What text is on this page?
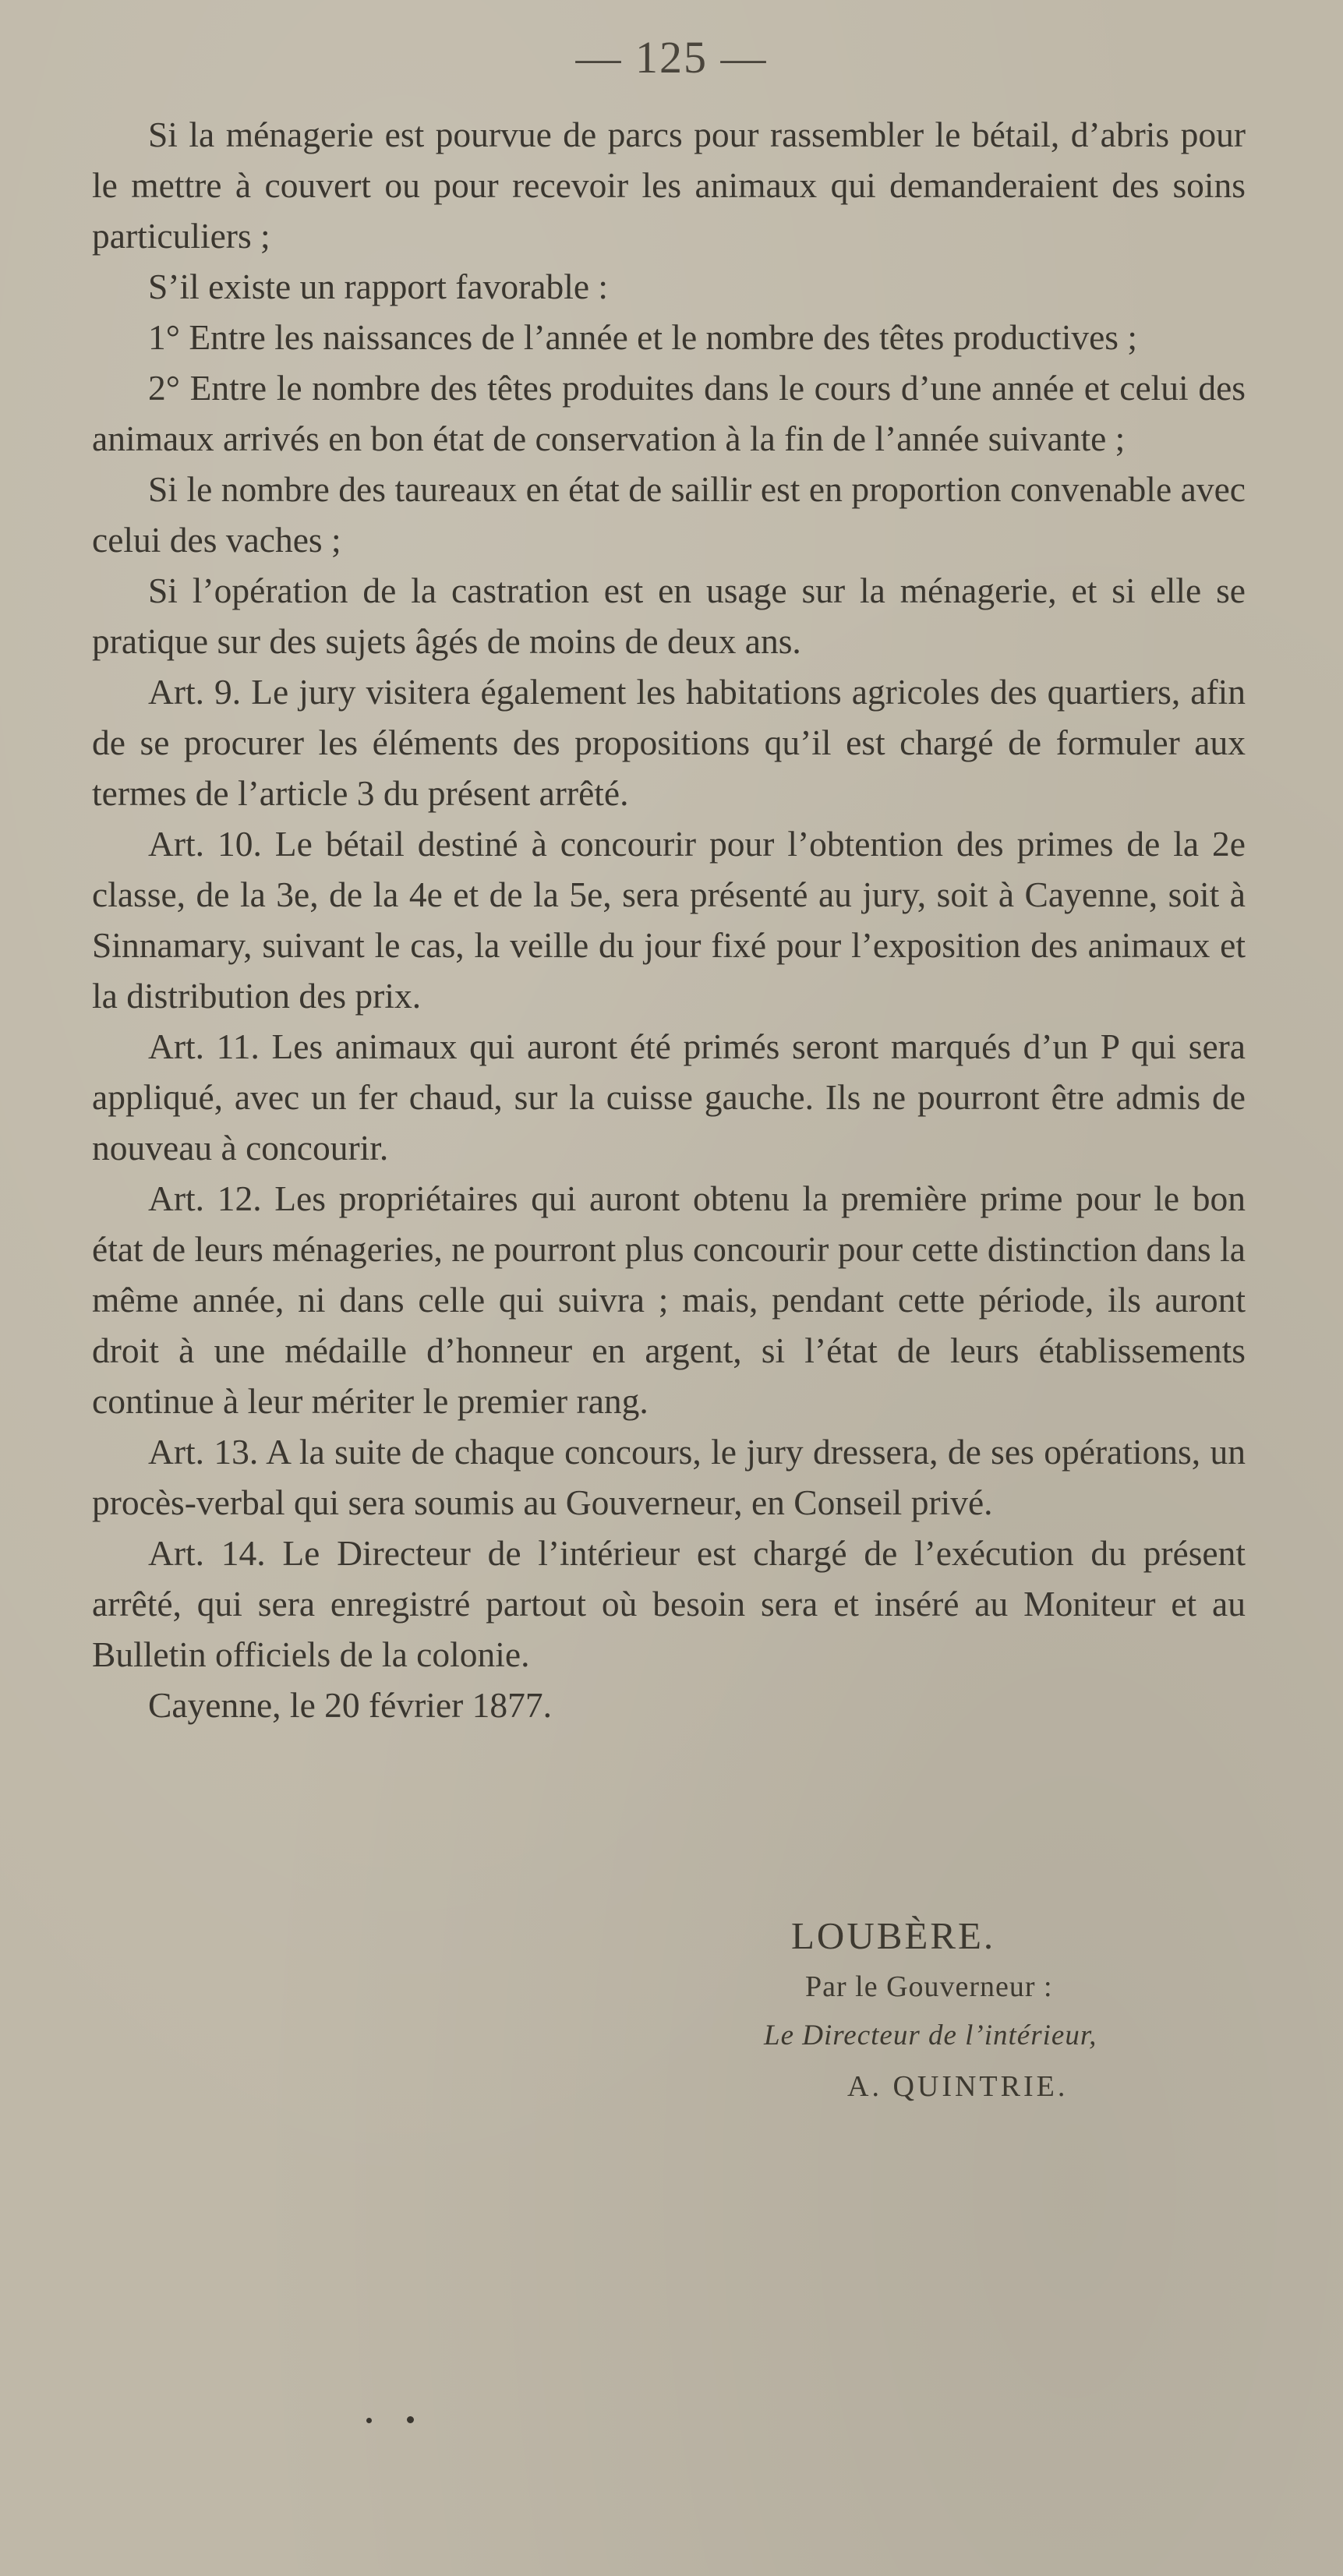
— 125 —

Si la ménagerie est pourvue de parcs pour rassembler le bétail, d’abris pour le mettre à couvert ou pour recevoir les animaux qui demanderaient des soins particuliers ;

S’il existe un rapport favorable :

1° Entre les naissances de l’année et le nombre des têtes productives ;

2° Entre le nombre des têtes produites dans le cours d’une année et celui des animaux arrivés en bon état de conservation à la fin de l’année suivante ;

Si le nombre des taureaux en état de saillir est en proportion convenable avec celui des vaches ;

Si l’opération de la castration est en usage sur la ménagerie, et si elle se pratique sur des sujets âgés de moins de deux ans.

Art. 9. Le jury visitera également les habitations agricoles des quartiers, afin de se procurer les éléments des propositions qu’il est chargé de formuler aux termes de l’article 3 du présent arrêté.

Art. 10. Le bétail destiné à concourir pour l’obtention des primes de la 2e classe, de la 3e, de la 4e et de la 5e, sera présenté au jury, soit à Cayenne, soit à Sinnamary, suivant le cas, la veille du jour fixé pour l’exposition des animaux et la distribution des prix.

Art. 11. Les animaux qui auront été primés seront marqués d’un P qui sera appliqué, avec un fer chaud, sur la cuisse gauche. Ils ne pourront être admis de nouveau à concourir.

Art. 12. Les propriétaires qui auront obtenu la première prime pour le bon état de leurs ménageries, ne pourront plus concourir pour cette distinction dans la même année, ni dans celle qui suivra ; mais, pendant cette période, ils auront droit à une médaille d’honneur en argent, si l’état de leurs établissements continue à leur mériter le premier rang.

Art. 13. A la suite de chaque concours, le jury dressera, de ses opérations, un procès-verbal qui sera soumis au Gouverneur, en Conseil privé.

Art. 14. Le Directeur de l’intérieur est chargé de l’exécution du présent arrêté, qui sera enregistré partout où besoin sera et inséré au Moniteur et au Bulletin officiels de la colonie.

Cayenne, le 20 février 1877.

LOUBÈRE.
Par le Gouverneur :
Le Directeur de l’intérieur,
A. QUINTRIE.
